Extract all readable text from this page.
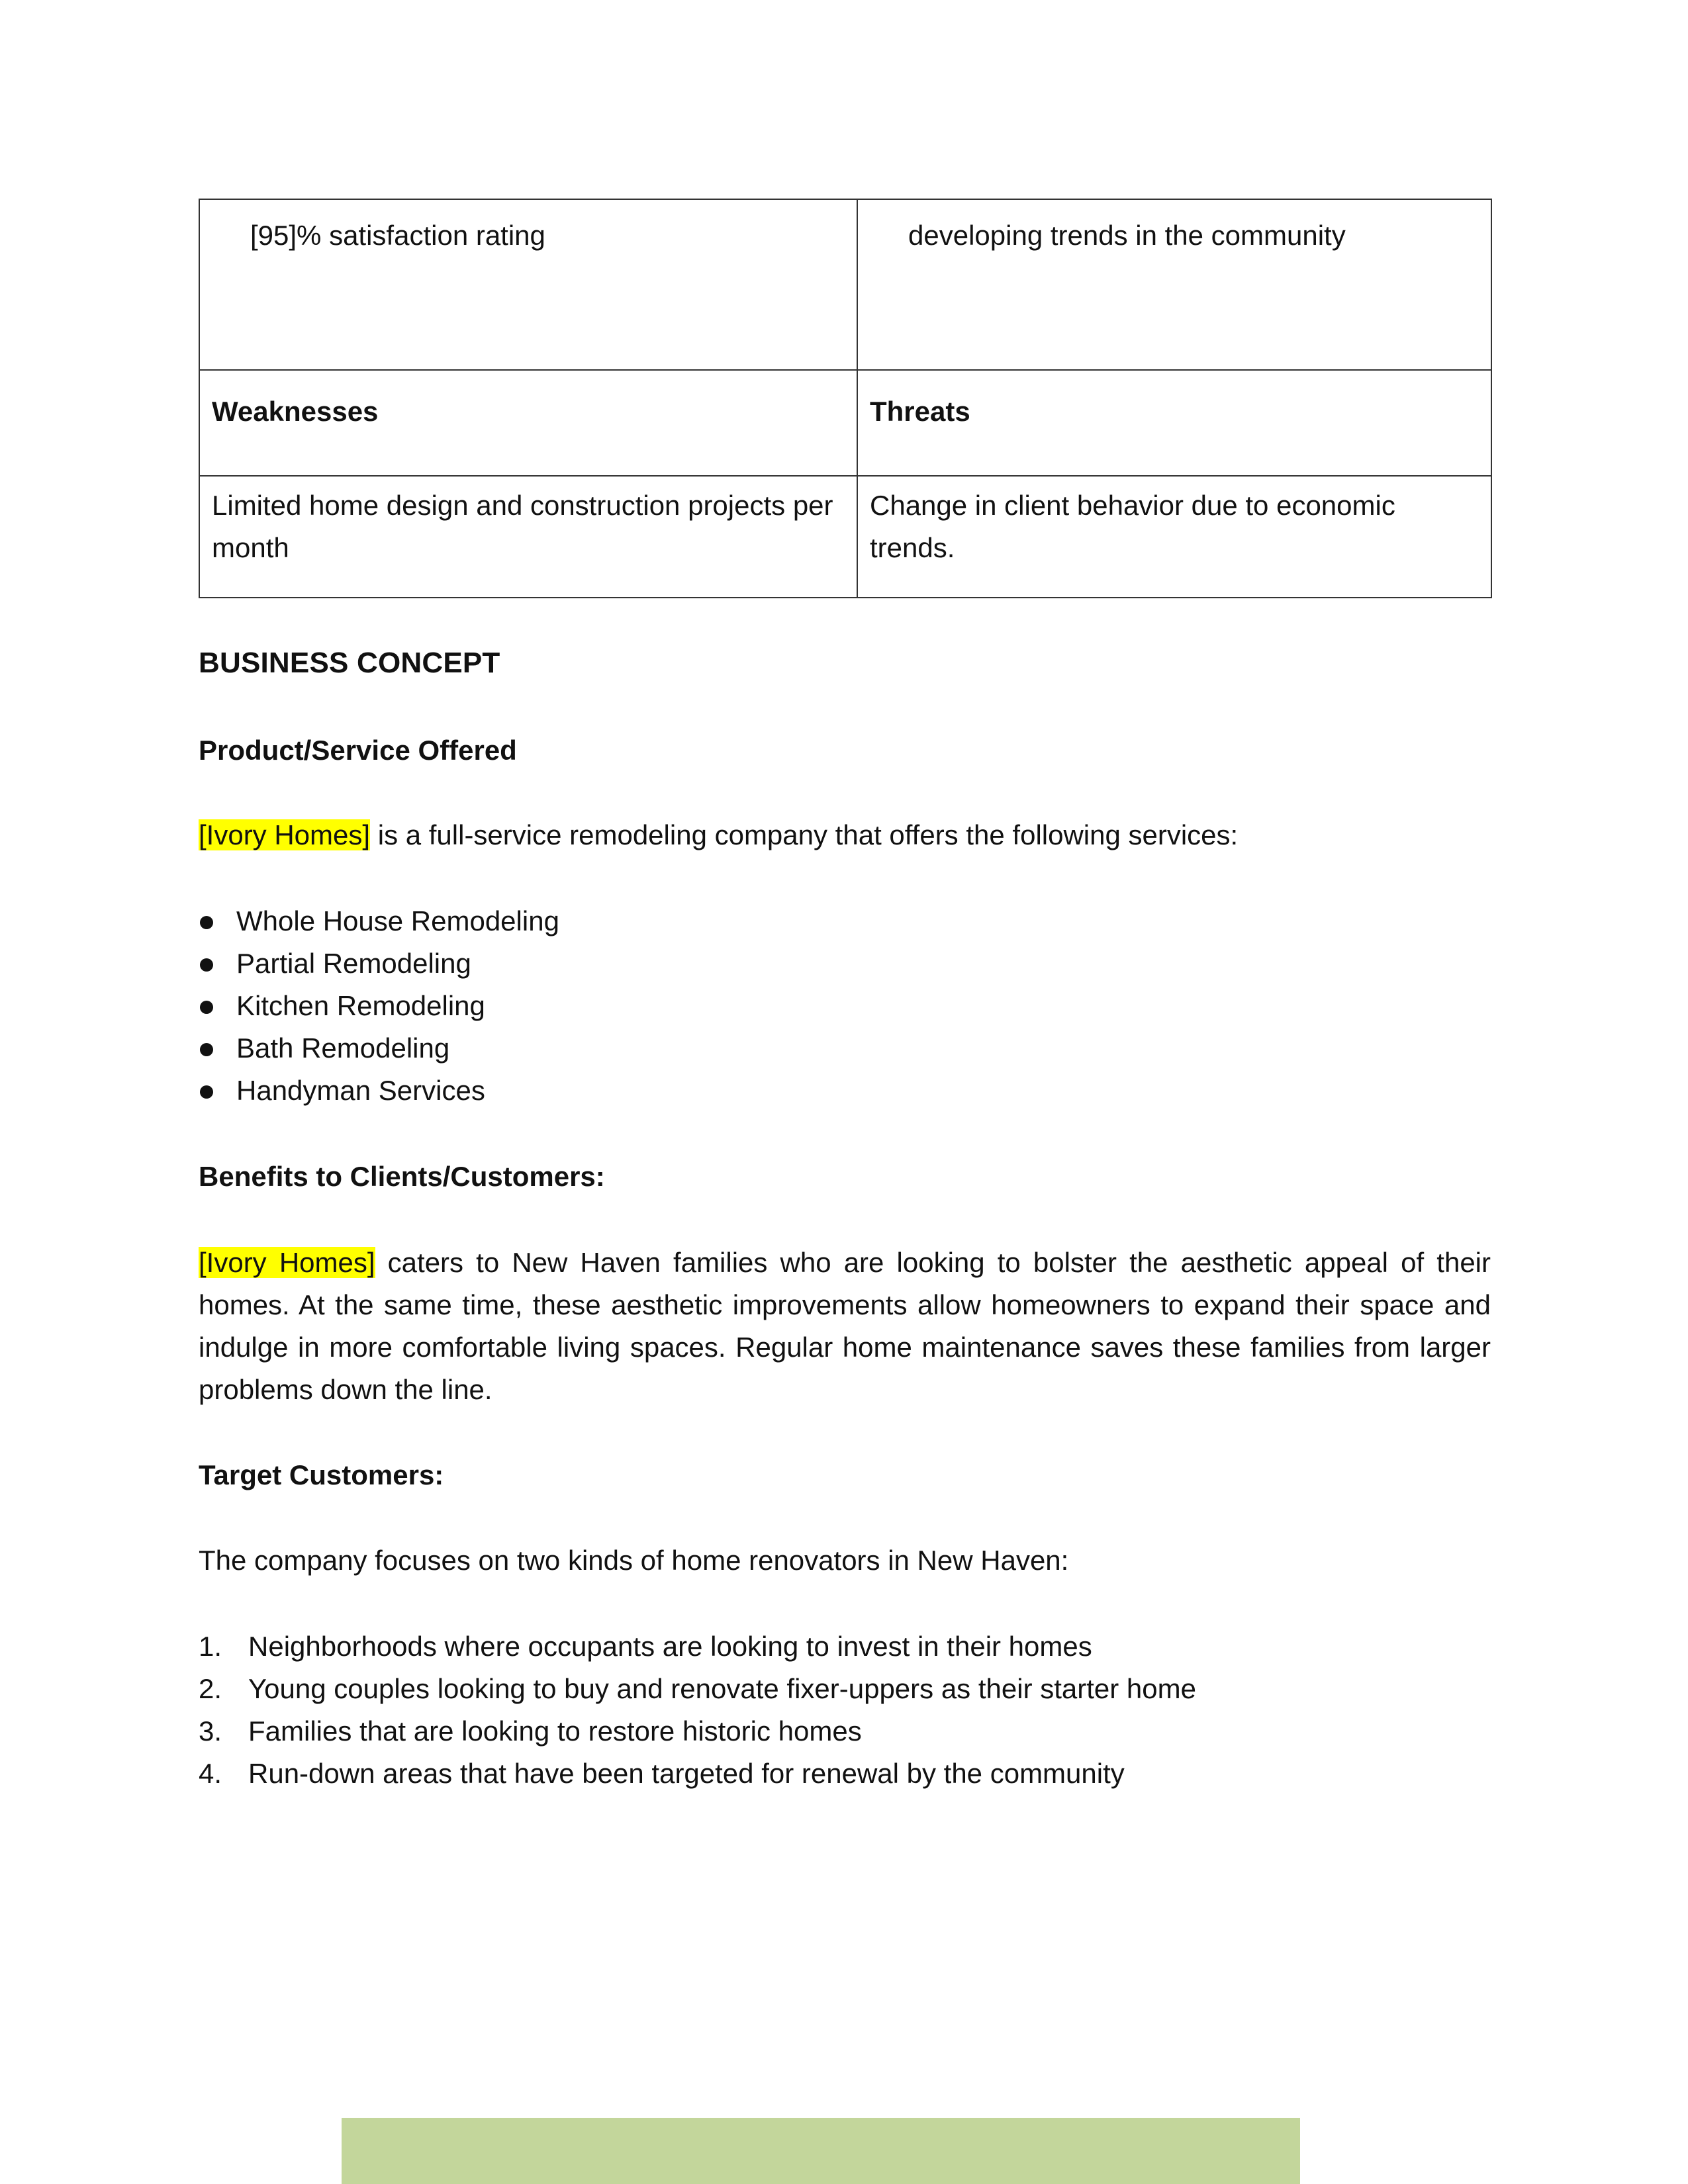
[95]% satisfaction rating	developing trends in the community
Weaknesses	Threats
Limited home design and construction projects per month	Change in client behavior due to economic trends.
BUSINESS CONCEPT
Product/Service Offered
[Ivory Homes] is a full-service remodeling company that offers the following services:
Whole House Remodeling
Partial Remodeling
Kitchen Remodeling
Bath Remodeling
Handyman Services
Benefits to Clients/Customers:
[Ivory Homes] caters to New Haven families who are looking to bolster the aesthetic appeal of their homes. At the same time, these aesthetic improvements allow homeowners to expand their space and indulge in more comfortable living spaces. Regular home maintenance saves these families from larger problems down the line.
Target Customers:
The company focuses on two kinds of home renovators in New Haven:
1. Neighborhoods where occupants are looking to invest in their homes
2. Young couples looking to buy and renovate fixer-uppers as their starter home
3. Families that are looking to restore historic homes
4. Run-down areas that have been targeted for renewal by the community
